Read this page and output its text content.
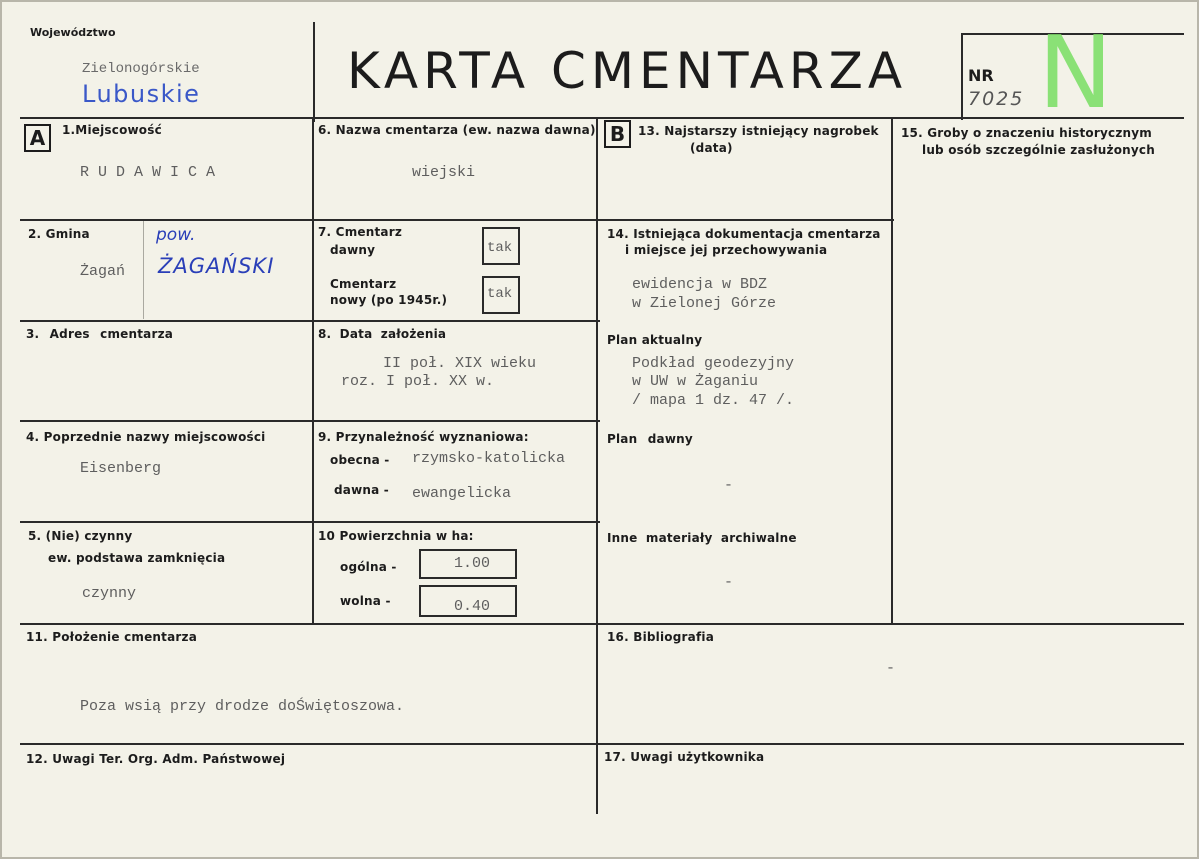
Województwo
Zielonogórskie
Lubuskie	KARTA CMENTARZA	NR
7025 N
A	1.Miejscowość
RUDAWICA
2. Gmina
Żagań
pow.
ŻAGAŃSKI
3. Adres cmentarza
4. Poprzednie nazwy miejscowości
Eisenberg
5. (Nie) czynny
ew. podstawa zamknięcia
czynny
6. Nazwa cmentarza (ew. nazwa dawna)
wiejski
7. Cmentarz
dawny	tak
Cmentarz
nowy (po 1945r.)	tak
8. Data założenia
II poł. XIX wieku
roz. I poł. XX w.
9. Przynależność wyznaniowa:
obecna - rzymsko-katolicka
dawna - ewangelicka
10 Powierzchnia w ha:
ogólna -	1.00
wolna -	0.40
11. Położenie cmentarza
Poza wsią przy drodze doŚwiętoszowa.
12. Uwagi Ter. Org. Adm. Państwowej
B	13. Najstarszy istniejący nagrobek
(data)
14. Istniejąca dokumentacja cmentarza
i miejsce jej przechowywania
ewidencja w BDZ
w Zielonej Górze
Plan aktualny
Podkład geodezyjny
w UW w Żaganiu
/ mapa 1 dz. 47 /.
Plan dawny
-
Inne materiały archiwalne
-
15. Groby o znaczeniu historycznym
lub osób szczególnie zasłużonych
16. Bibliografia
-
17. Uwagi użytkownika
